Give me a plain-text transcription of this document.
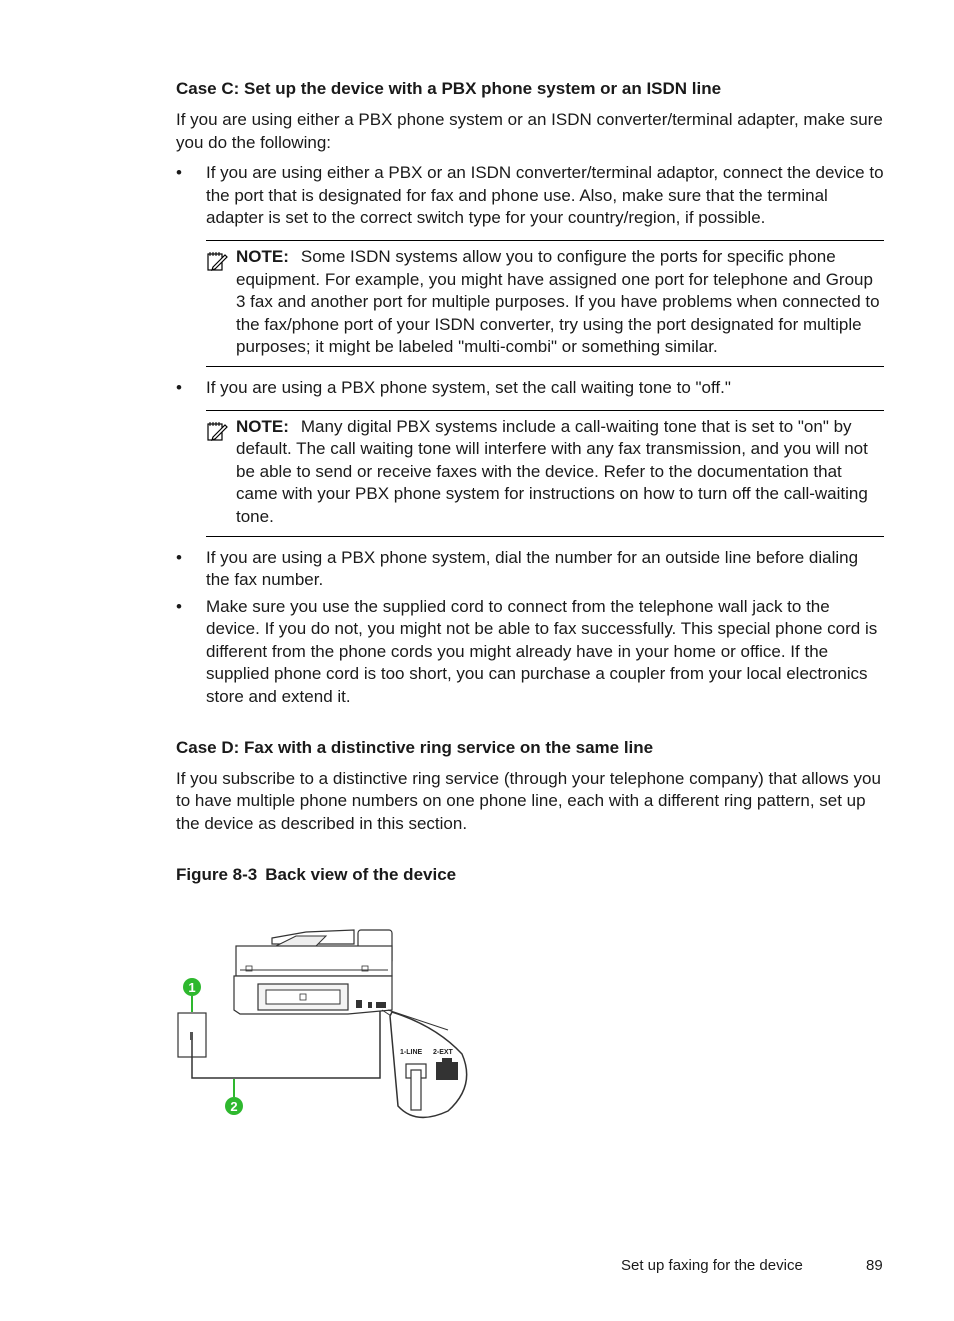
Case C: Set up the device with a PBX phone system or an ISDN line

If you are using either a PBX phone system or an ISDN converter/terminal adapter, make sure you do the following:

• If you are using either a PBX or an ISDN converter/terminal adaptor, connect the device to the port that is designated for fax and phone use. Also, make sure that the terminal adapter is set to the correct switch type for your country/region, if possible.
NOTE: Some ISDN systems allow you to configure the ports for specific phone equipment. For example, you might have assigned one port for telephone and Group 3 fax and another port for multiple purposes. If you have problems when connected to the fax/phone port of your ISDN converter, try using the port designated for multiple purposes; it might be labeled "multi-combi" or something similar.
• If you are using a PBX phone system, set the call waiting tone to "off."
NOTE: Many digital PBX systems include a call-waiting tone that is set to "on" by default. The call waiting tone will interfere with any fax transmission, and you will not be able to send or receive faxes with the device. Refer to the documentation that came with your PBX phone system for instructions on how to turn off the call-waiting tone.
• If you are using a PBX phone system, dial the number for an outside line before dialing the fax number.
• Make sure you use the supplied cord to connect from the telephone wall jack to the device. If you do not, you might not be able to fax successfully. This special phone cord is different from the phone cords you might already have in your home or office. If the supplied phone cord is too short, you can purchase a coupler from your local electronics store and extend it.
Case D: Fax with a distinctive ring service on the same line

If you subscribe to a distinctive ring service (through your telephone company) that allows you to have multiple phone numbers on one phone line, each with a different ring pattern, set up the device as described in this section.

Figure 8-3 Back view of the device
1-LINE 2-EXT
1
2
Set up faxing for the device	89
